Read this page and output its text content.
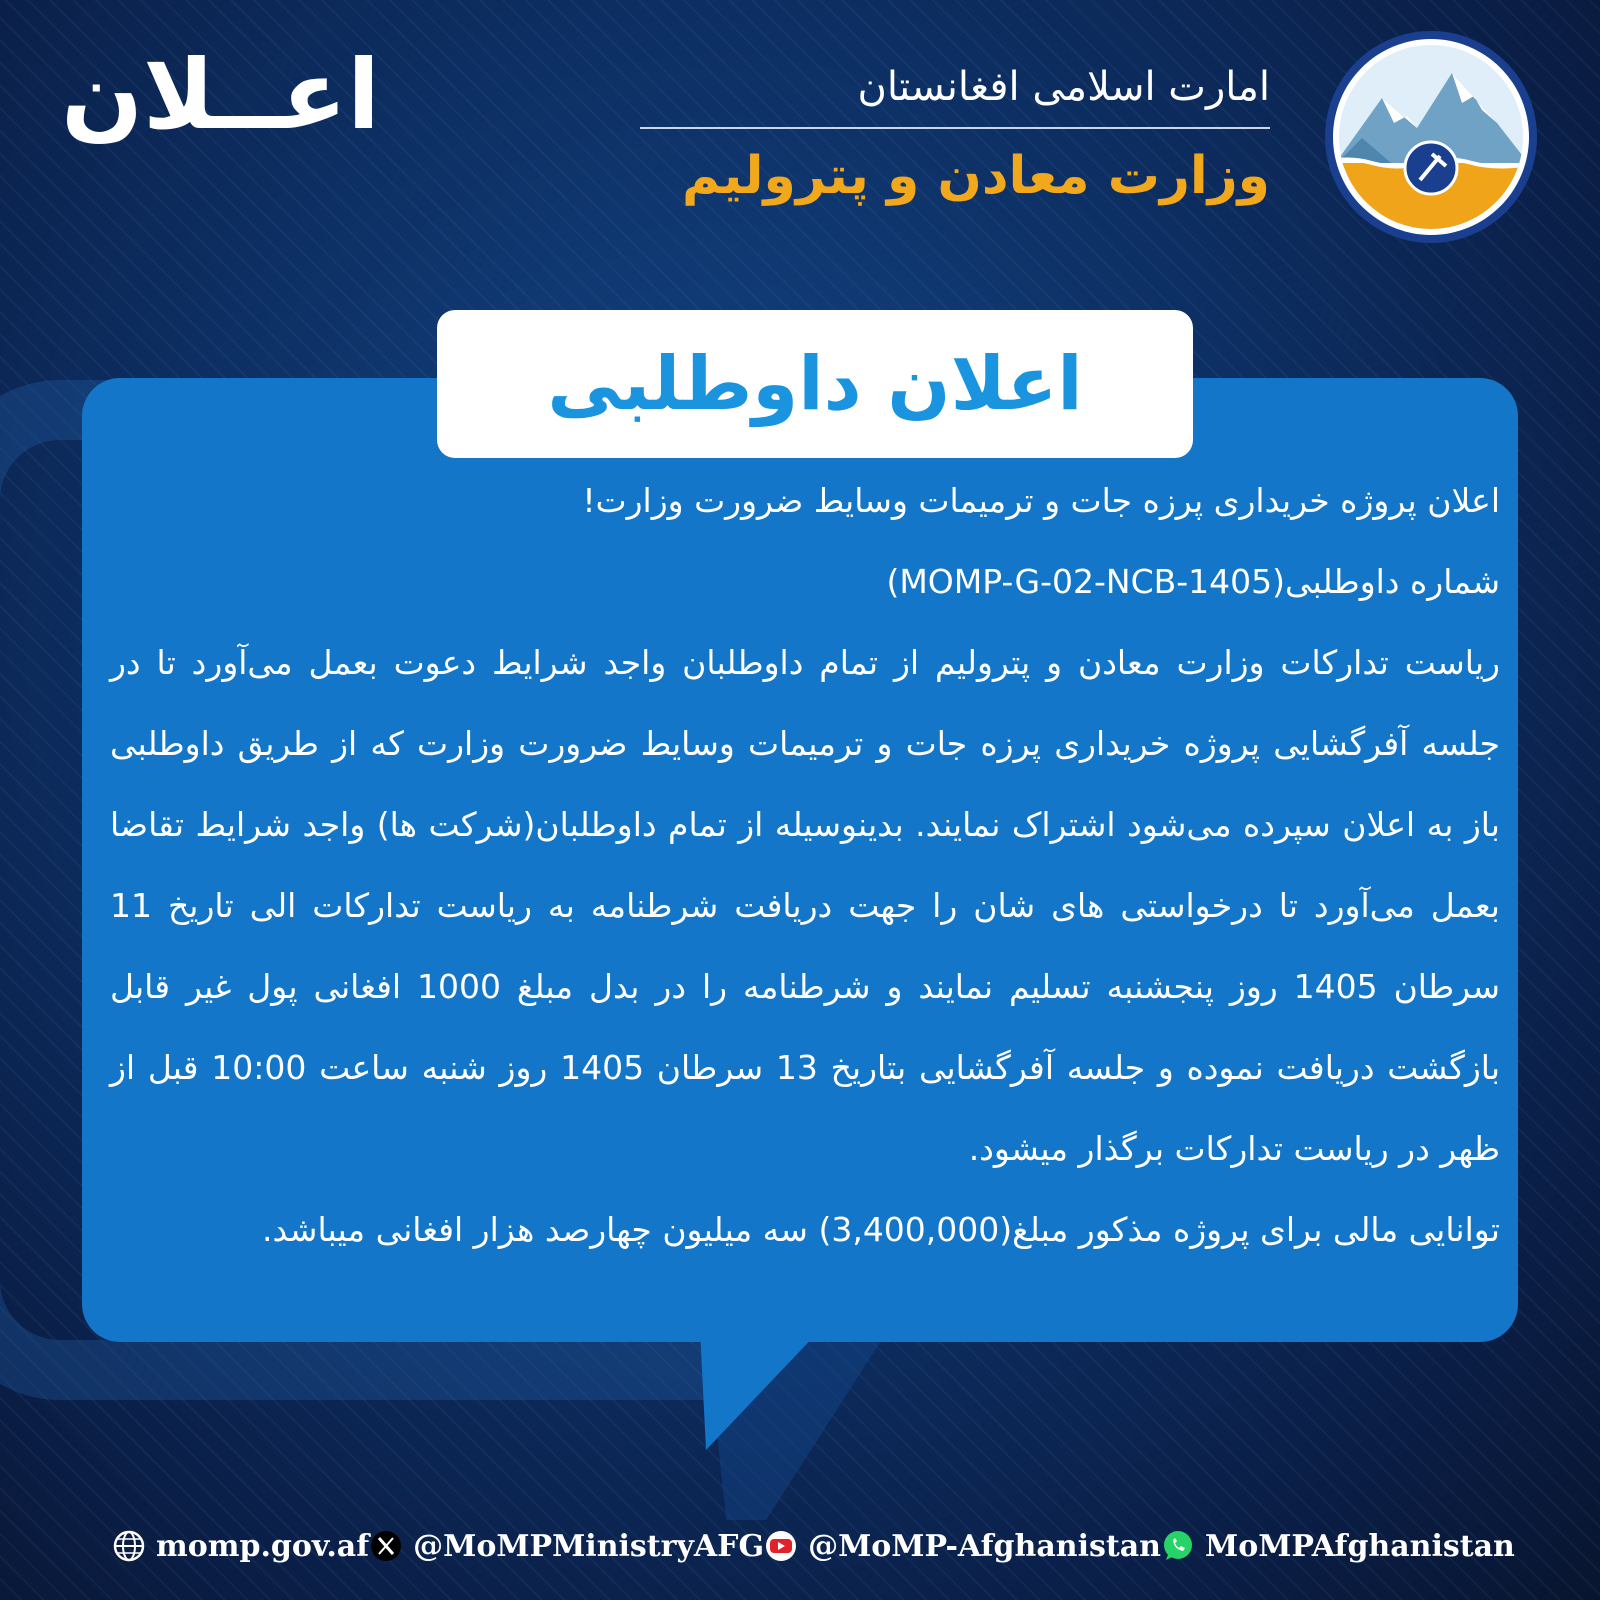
اعــلان	امارت اسلامی افغانستان
وزارت معادن و پترولیم
اعلان داوطلبی

اعلان پروژه خریداری پرزه جات و ترمیمات وسایط ضرورت وزارت!

شماره داوطلبی(MOMP-G-02-NCB-1405)

ریاست تدارکات وزارت معادن و پترولیم از تمام داوطلبان واجد شرایط دعوت بعمل می‌آورد تا در جلسه آفرگشایی پروژه خریداری پرزه جات و ترمیمات وسایط ضرورت وزارت که از طریق داوطلبی باز به اعلان سپرده می‌شود اشتراک نمایند. بدینوسیله از تمام داوطلبان(شرکت ها) واجد شرایط تقاضا بعمل می‌آورد تا درخواستی های شان را جهت دریافت شرطنامه به ریاست تدارکات الی تاریخ 11 سرطان 1405 روز پنجشنبه تسلیم نمایند و شرطنامه را در بدل مبلغ 1000 افغانی پول غیر قابل بازگشت دریافت نموده و جلسه آفرگشایی بتاریخ 13 سرطان 1405 روز شنبه ساعت 10:00 قبل از ظهر در ریاست تدارکات برگذار میشود.

توانایی مالی برای پروژه مذکور مبلغ(3,400,000) سه میلیون چهارصد هزار افغانی میباشد.

momp.gov.af @MoMPMinistryAFG @MoMP-Afghanistan MoMPAfghanistan
